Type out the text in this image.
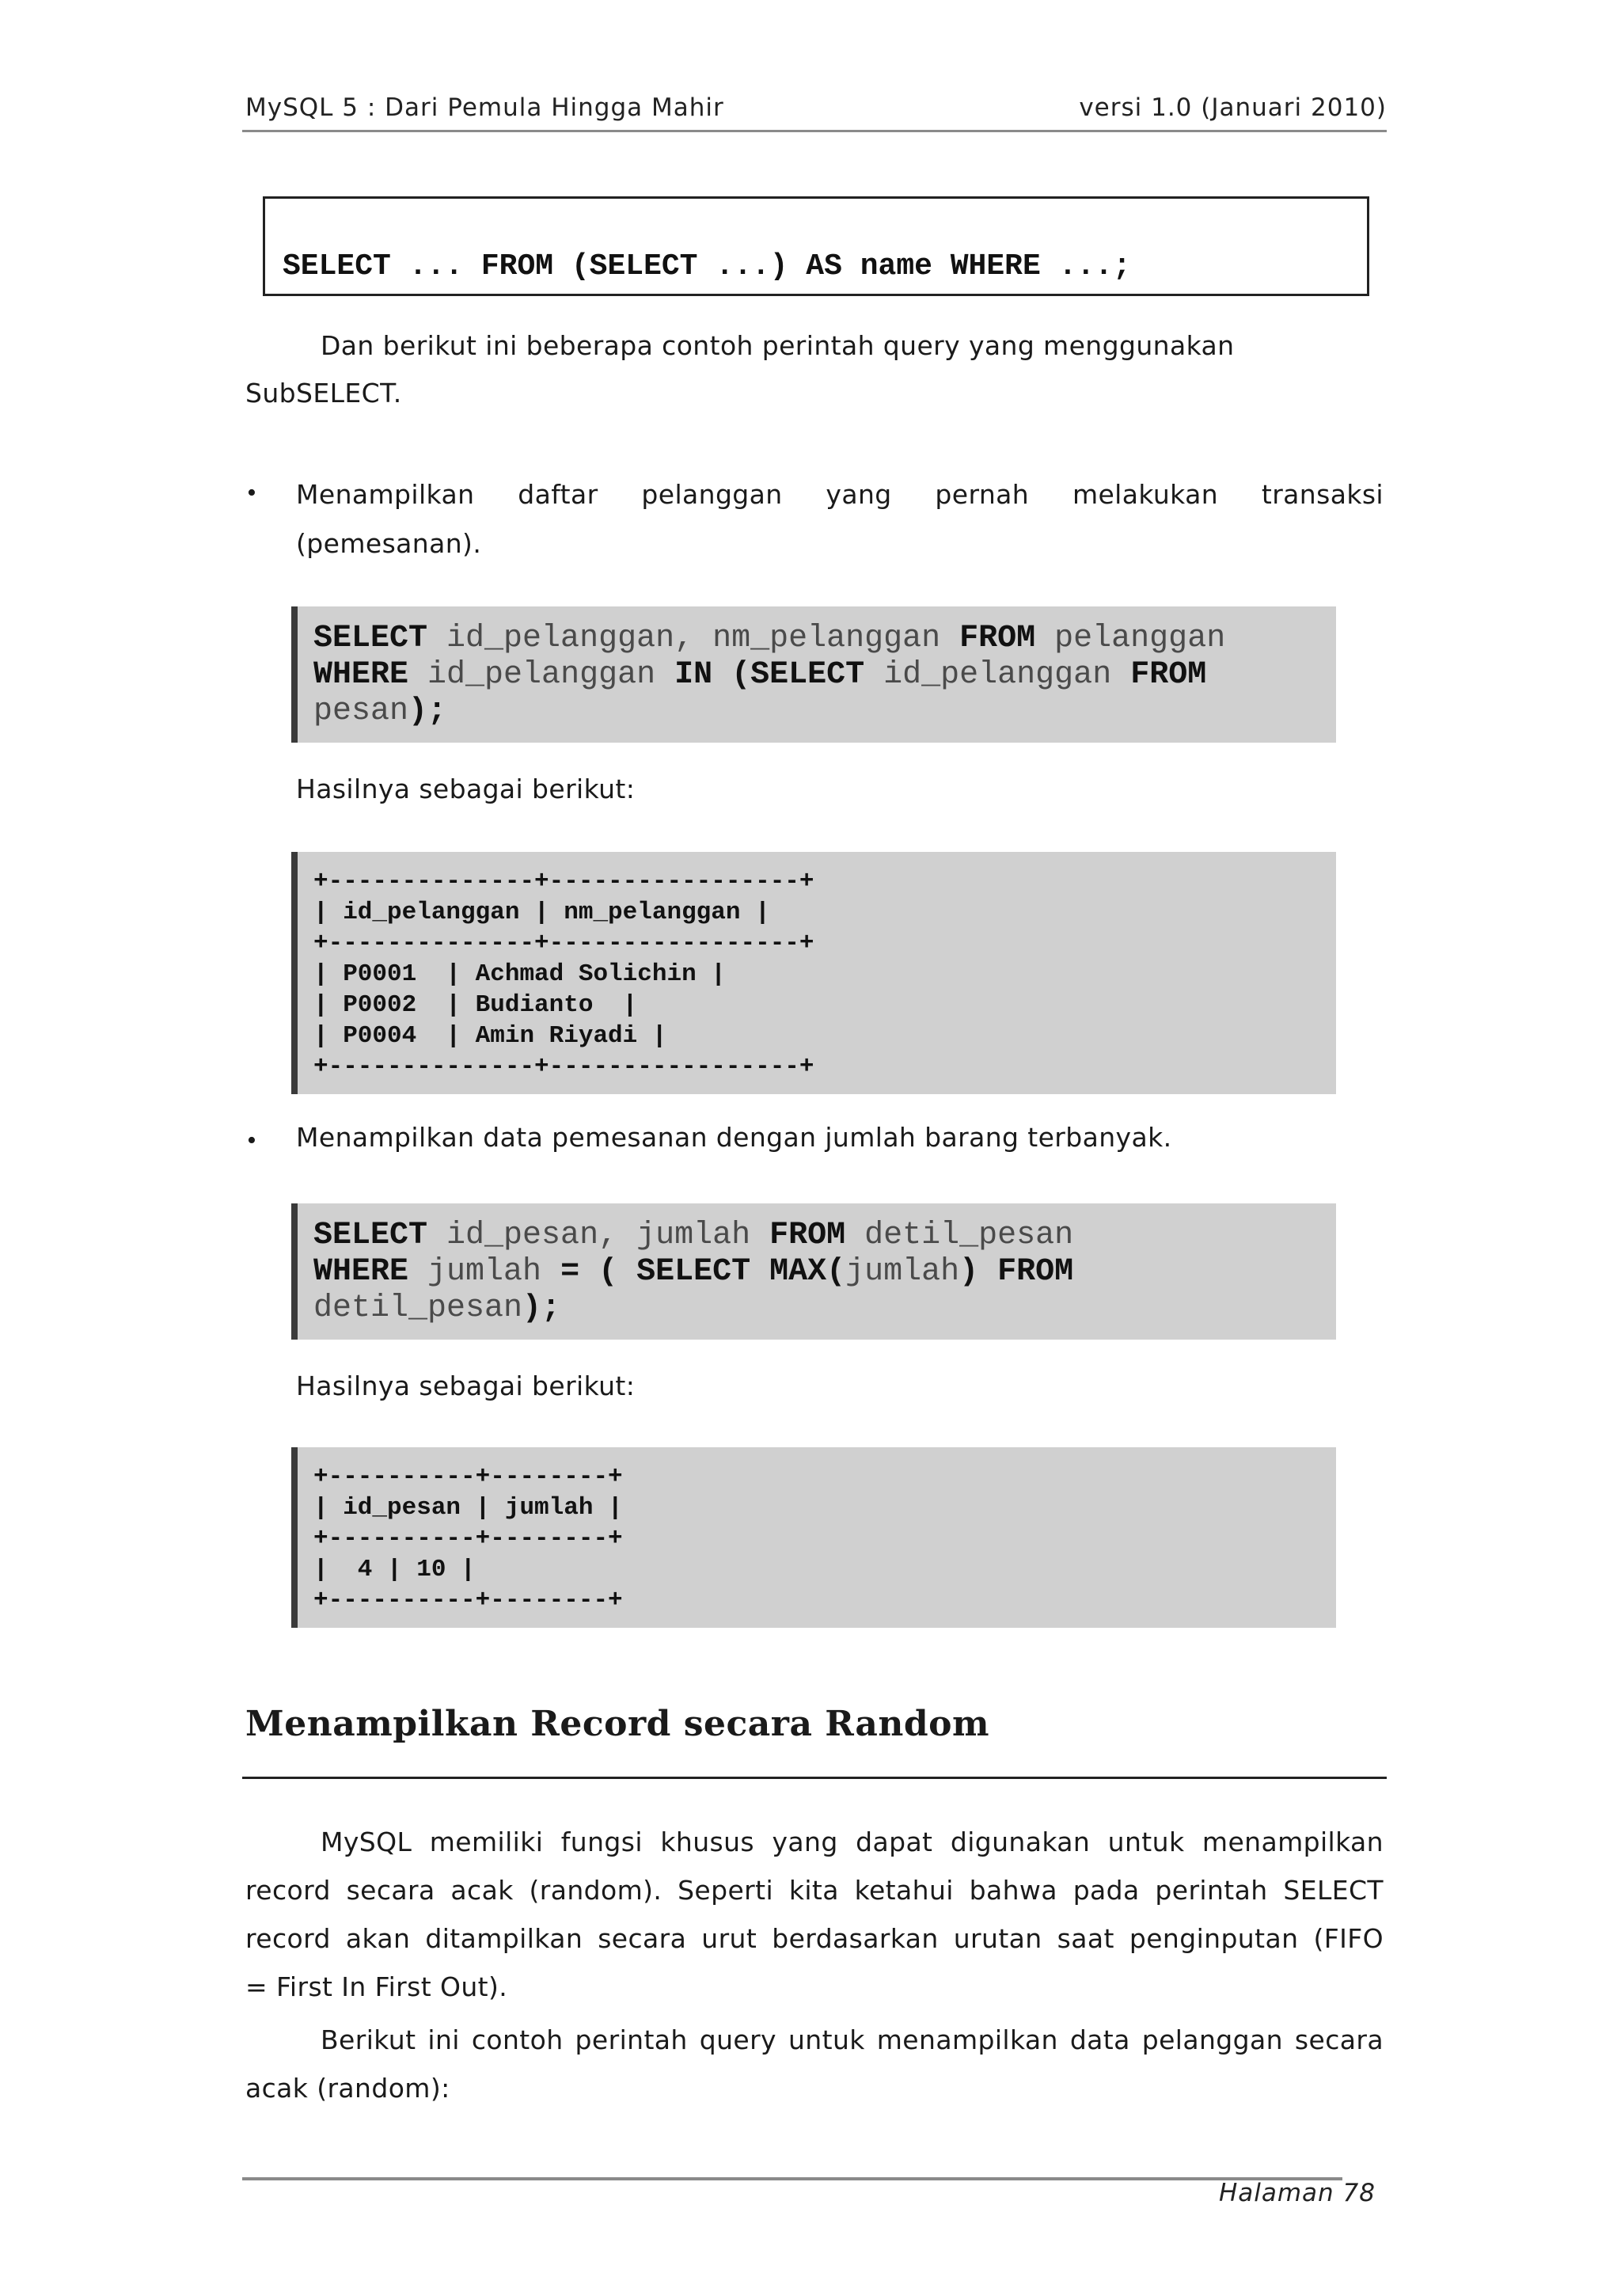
MySQL 5 : Dari Pemula Hingga Mahir	versi 1.0 (Januari 2010)
SELECT ... FROM (SELECT ...) AS name WHERE ...;
Dan berikut ini beberapa contoh perintah query yang menggunakan
SubSELECT.
• Menampilkan daftar pelanggan yang pernah melakukan transaksi
(pemesanan).
SELECT id_pelanggan, nm_pelanggan FROM pelanggan
WHERE id_pelanggan IN (SELECT id_pelanggan FROM
pesan);
Hasilnya sebagai berikut:
+--------------+-----------------+
| id_pelanggan | nm_pelanggan |
+--------------+-----------------+
| P0001  | Achmad Solichin |
| P0002  | Budianto  |
| P0004  | Amin Riyadi |
+--------------+-----------------+
• Menampilkan data pemesanan dengan jumlah barang terbanyak.
SELECT id_pesan, jumlah FROM detil_pesan
WHERE jumlah = ( SELECT MAX(jumlah) FROM
detil_pesan);
Hasilnya sebagai berikut:
+----------+--------+
| id_pesan | jumlah |
+----------+--------+
|  4 | 10 |
+----------+--------+
Menampilkan Record secara Random
MySQL memiliki fungsi khusus yang dapat digunakan untuk menampilkan
record secara acak (random). Seperti kita ketahui bahwa pada perintah SELECT
record akan ditampilkan secara urut berdasarkan urutan saat penginputan (FIFO
= First In First Out).
Berikut ini contoh perintah query untuk menampilkan data pelanggan secara
acak (random):
Halaman 78
